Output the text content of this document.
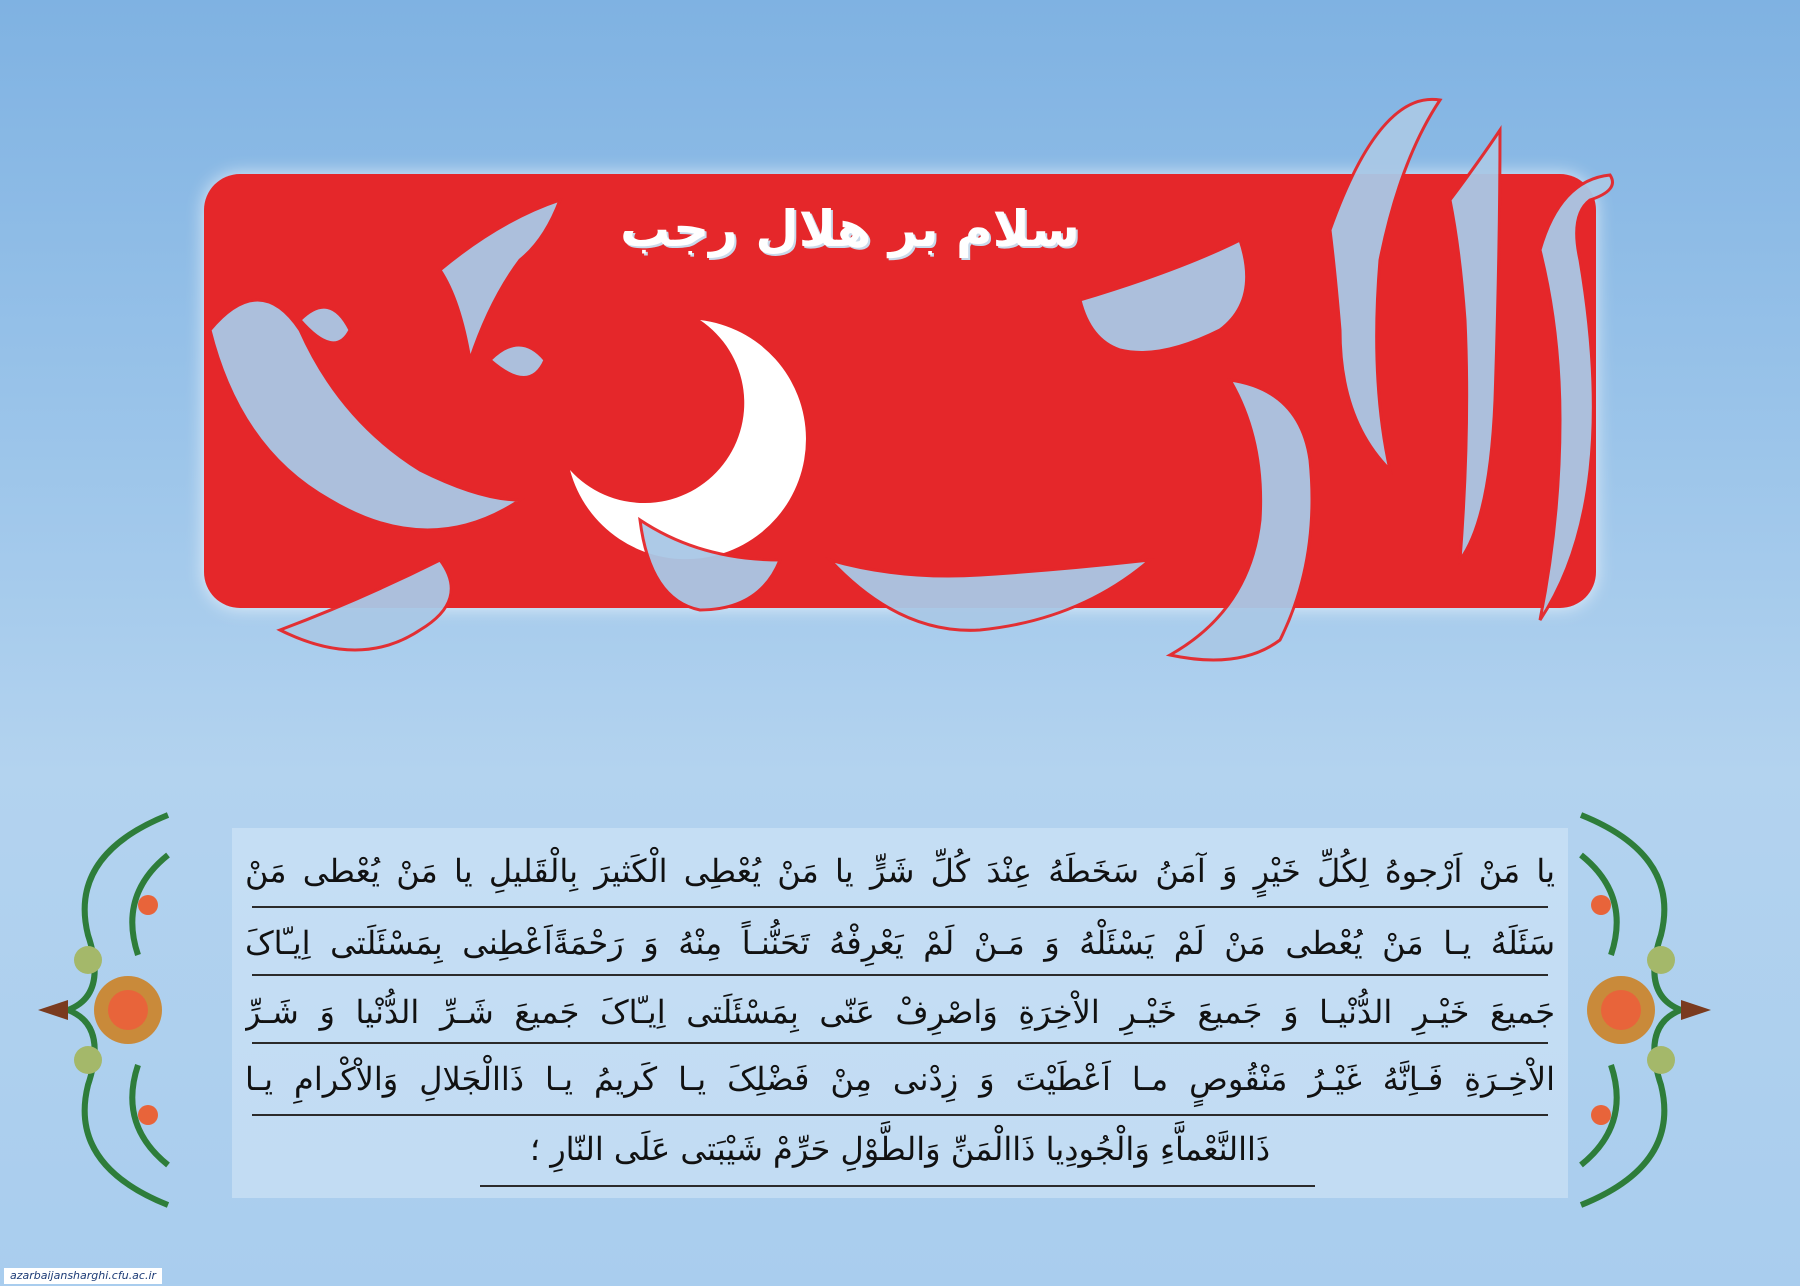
سلام بر هلال رجب
یا مَنْ اَرْجوهُ لِکُلِّ خَیْرٍ وَ آمَنُ سَخَطَهُ عِنْدَ کُلِّ شَرٍّ یا مَنْ یُعْطِی الْکَثیرَ بِالْقَلیلِ یا مَنْ یُعْطی مَنْ
سَئَلَهُ یـا مَنْ یُعْطی مَنْ لَمْ یَسْئَلْهُ وَ مَـنْ لَمْ یَعْرِفْهُ تَحَنُّنـاً مِنْهُ وَ رَحْمَةًاَعْطِنی بِمَسْئَلَتی اِیـّاکَ
جَمیعَ خَیْـرِ الدُّنْیـا وَ جَمیعَ خَیْـرِ الاْخِرَةِ وَاصْرِفْ عَنّی بِمَسْئَلَتی اِیـّاکَ جَمیعَ شَـرِّ الدُّنْیا وَ شَـرِّ
الاْخِـرَةِ فَـاِنَّهُ غَیْـرُ مَنْقُوصٍ مـا اَعْطَیْتَ وَ زِدْنی مِنْ فَضْلِکَ یـا کَریمُ یـا ذَاالْجَلالِ وَالاْکْرامِ یـا
ذَاالنَّعْماَّءِ وَالْجُودِیا ذَاالْمَنِّ وَالطَّوْلِ حَرِّمْ شَیْبَتی عَلَی النّارِ ؛
azarbaijansharghi.cfu.ac.ir
